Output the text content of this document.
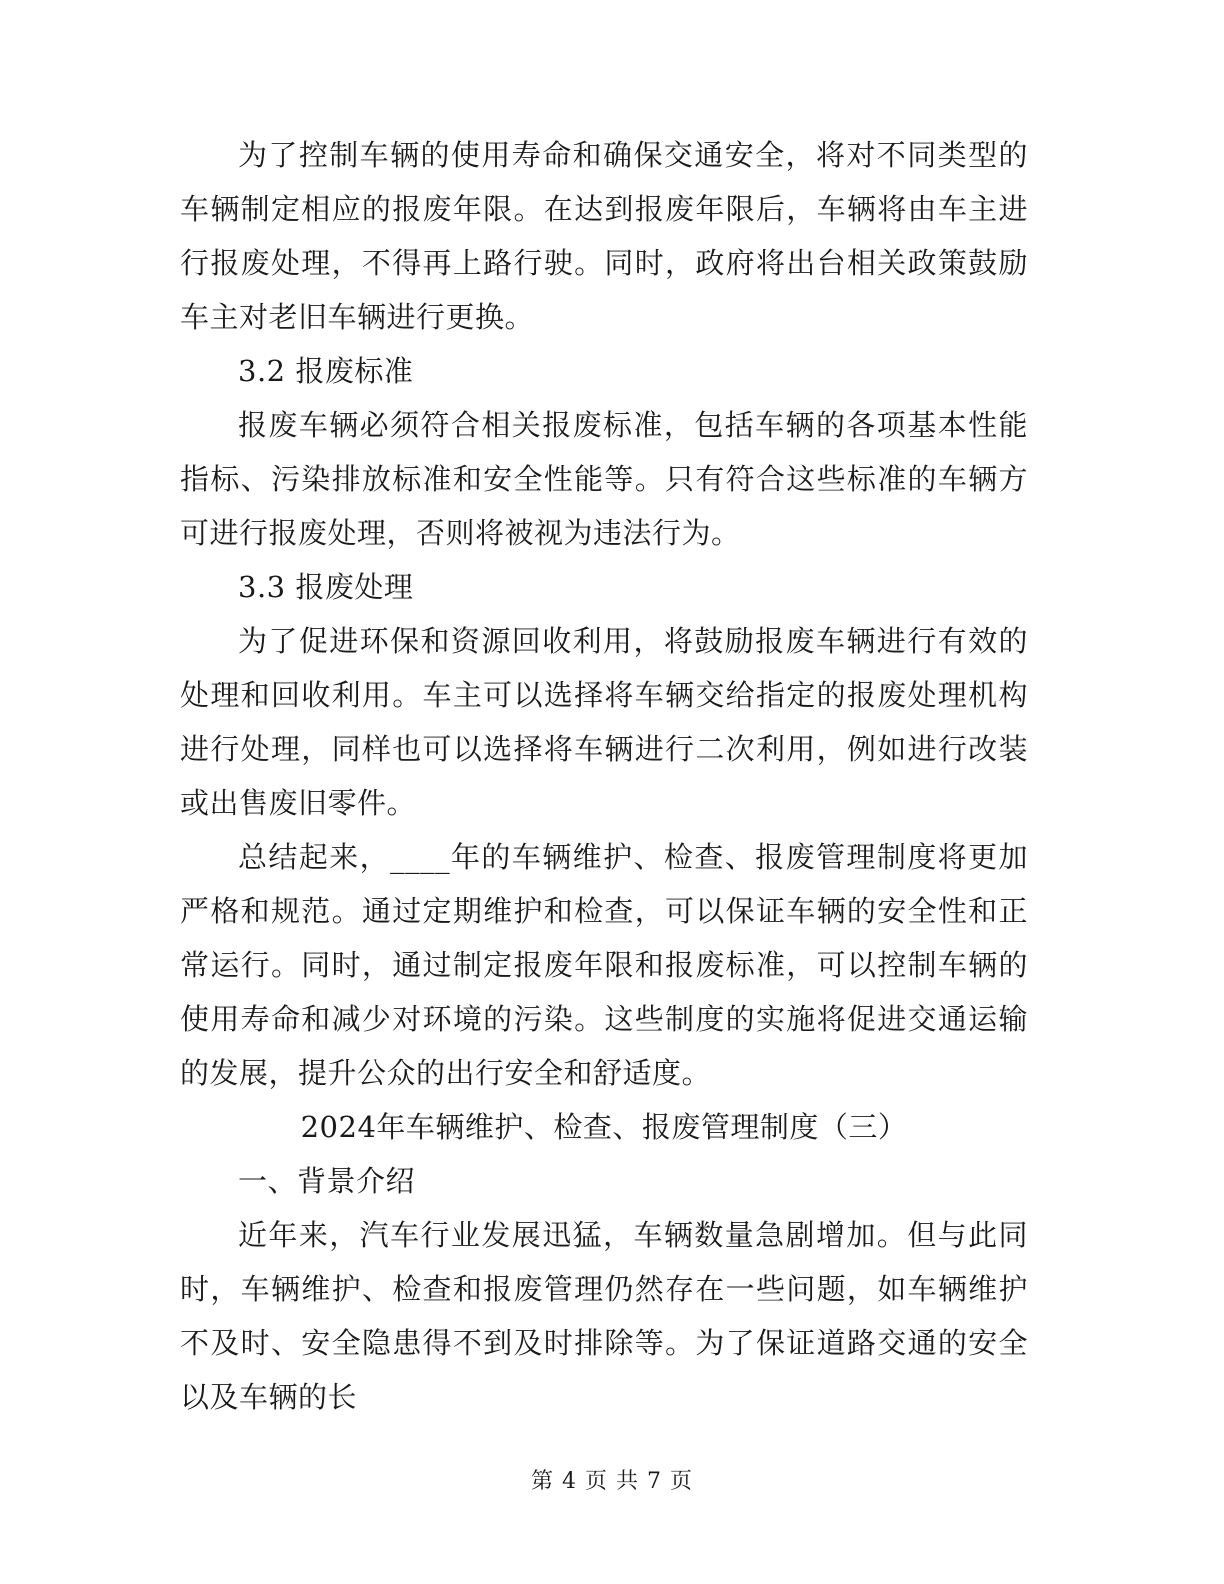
为了控制车辆的使用寿命和确保交通安全，将对不同类型的车辆制定相应的报废年限。在达到报废年限后，车辆将由车主进行报废处理，不得再上路行驶。同时，政府将出台相关政策鼓励车主对老旧车辆进行更换。

3.2 报废标准

报废车辆必须符合相关报废标准，包括车辆的各项基本性能指标、污染排放标准和安全性能等。只有符合这些标准的车辆方可进行报废处理，否则将被视为违法行为。

3.3 报废处理

为了促进环保和资源回收利用，将鼓励报废车辆进行有效的处理和回收利用。车主可以选择将车辆交给指定的报废处理机构进行处理，同样也可以选择将车辆进行二次利用，例如进行改装或出售废旧零件。

总结起来，____年的车辆维护、检查、报废管理制度将更加严格和规范。通过定期维护和检查，可以保证车辆的安全性和正常运行。同时，通过制定报废年限和报废标准，可以控制车辆的使用寿命和减少对环境的污染。这些制度的实施将促进交通运输的发展，提升公众的出行安全和舒适度。

2024年车辆维护、检查、报废管理制度（三）

一、背景介绍

近年来，汽车行业发展迅猛，车辆数量急剧增加。但与此同时，车辆维护、检查和报废管理仍然存在一些问题，如车辆维护不及时、安全隐患得不到及时排除等。为了保证道路交通的安全以及车辆的长

第 4 页 共 7 页
